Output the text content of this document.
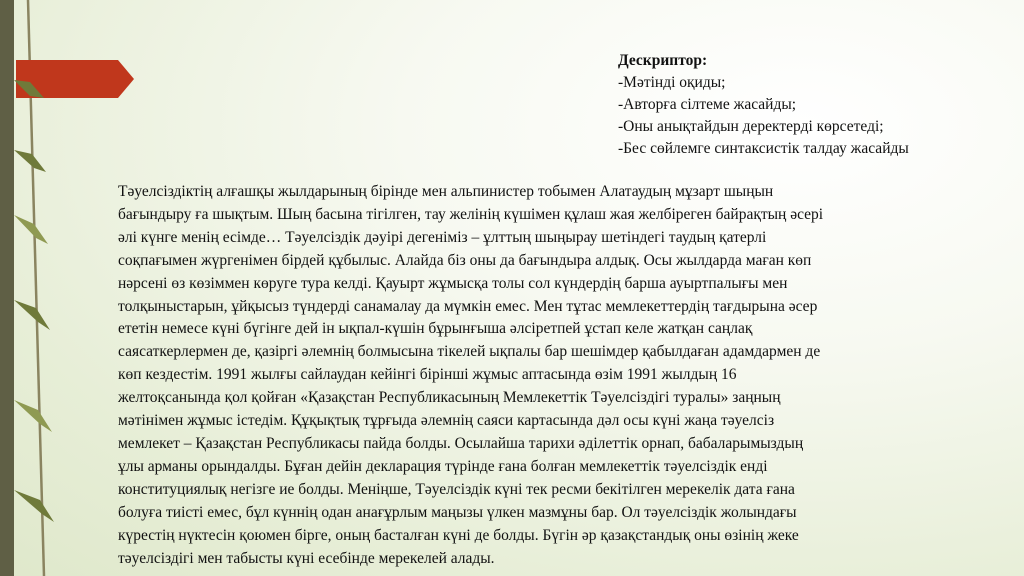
Дескриптор:
-Мәтінді оқиды;
-Авторға сілтеме жасайды;
-Оны анықтайдын деректерді көрсетеді;
-Бес сөйлемге синтаксистік талдау жасайды
Тәуелсіздіктің алғашқы жылдарының бірінде мен альпинистер тобымен Алатаудың мұзарт шыңын
бағындыру ға шықтым. Шың басына тігілген, тау желінің күшімен құлаш жая желбіреген байрақтың әсері
әлі күнге менің есімде… Тәуелсіздік дәуірі дегеніміз – ұлттың шыңырау шетіндегі таудың қатерлі
соқпағымен жүргенімен бірдей құбылыс. Алайда біз оны да бағындыра алдық. Осы жылдарда маған көп
нәрсені өз көзіммен көруге тура келді. Қауырт жұмысқа толы сол күндердің барша ауыртпалығы мен
толқыныстарын, ұйқысыз түндерді санамалау да мүмкін емес. Мен тұтас мемлекеттердің тағдырына әсер
ететін немесе күні бүгінге дей ін ықпал-күшін бұрынғыша әлсіретпей ұстап келе жатқан саңлақ
саясаткерлермен де, қазіргі әлемнің болмысына тікелей ықпалы бар шешімдер қабылдаған адамдармен де
көп кездестім. 1991 жылғы сайлаудан кейінгі бірінші жұмыс аптасында өзім 1991 жылдың 16
желтоқсанында қол қойған «Қазақстан Республикасының Мемлекеттік Тәуелсіздігі туралы» заңның
мәтінімен жұмыс істедім. Құқықтық тұрғыда әлемнің саяси картасында дәл осы күні жаңа тәуелсіз
мемлекет – Қазақстан Республикасы пайда болды. Осылайша тарихи әділеттік орнап, бабаларымыздың
ұлы арманы орындалды. Бұған дейін декларация түрінде ғана болған мемлекеттік тәуелсіздік енді
конституциялық негізге ие болды. Меніңше, Тәуелсіздік күні тек ресми бекітілген мерекелік дата ғана
болуға тиісті емес, бұл күннің одан анағұрлым маңызы үлкен мазмұны бар. Ол тәуелсіздік жолындағы
күрестің нүктесін қоюмен бірге, оның басталған күні де болды. Бүгін әр қазақстандық оны өзінің жеке
тәуелсіздігі мен табысты күні есебінде мерекелей алады.
